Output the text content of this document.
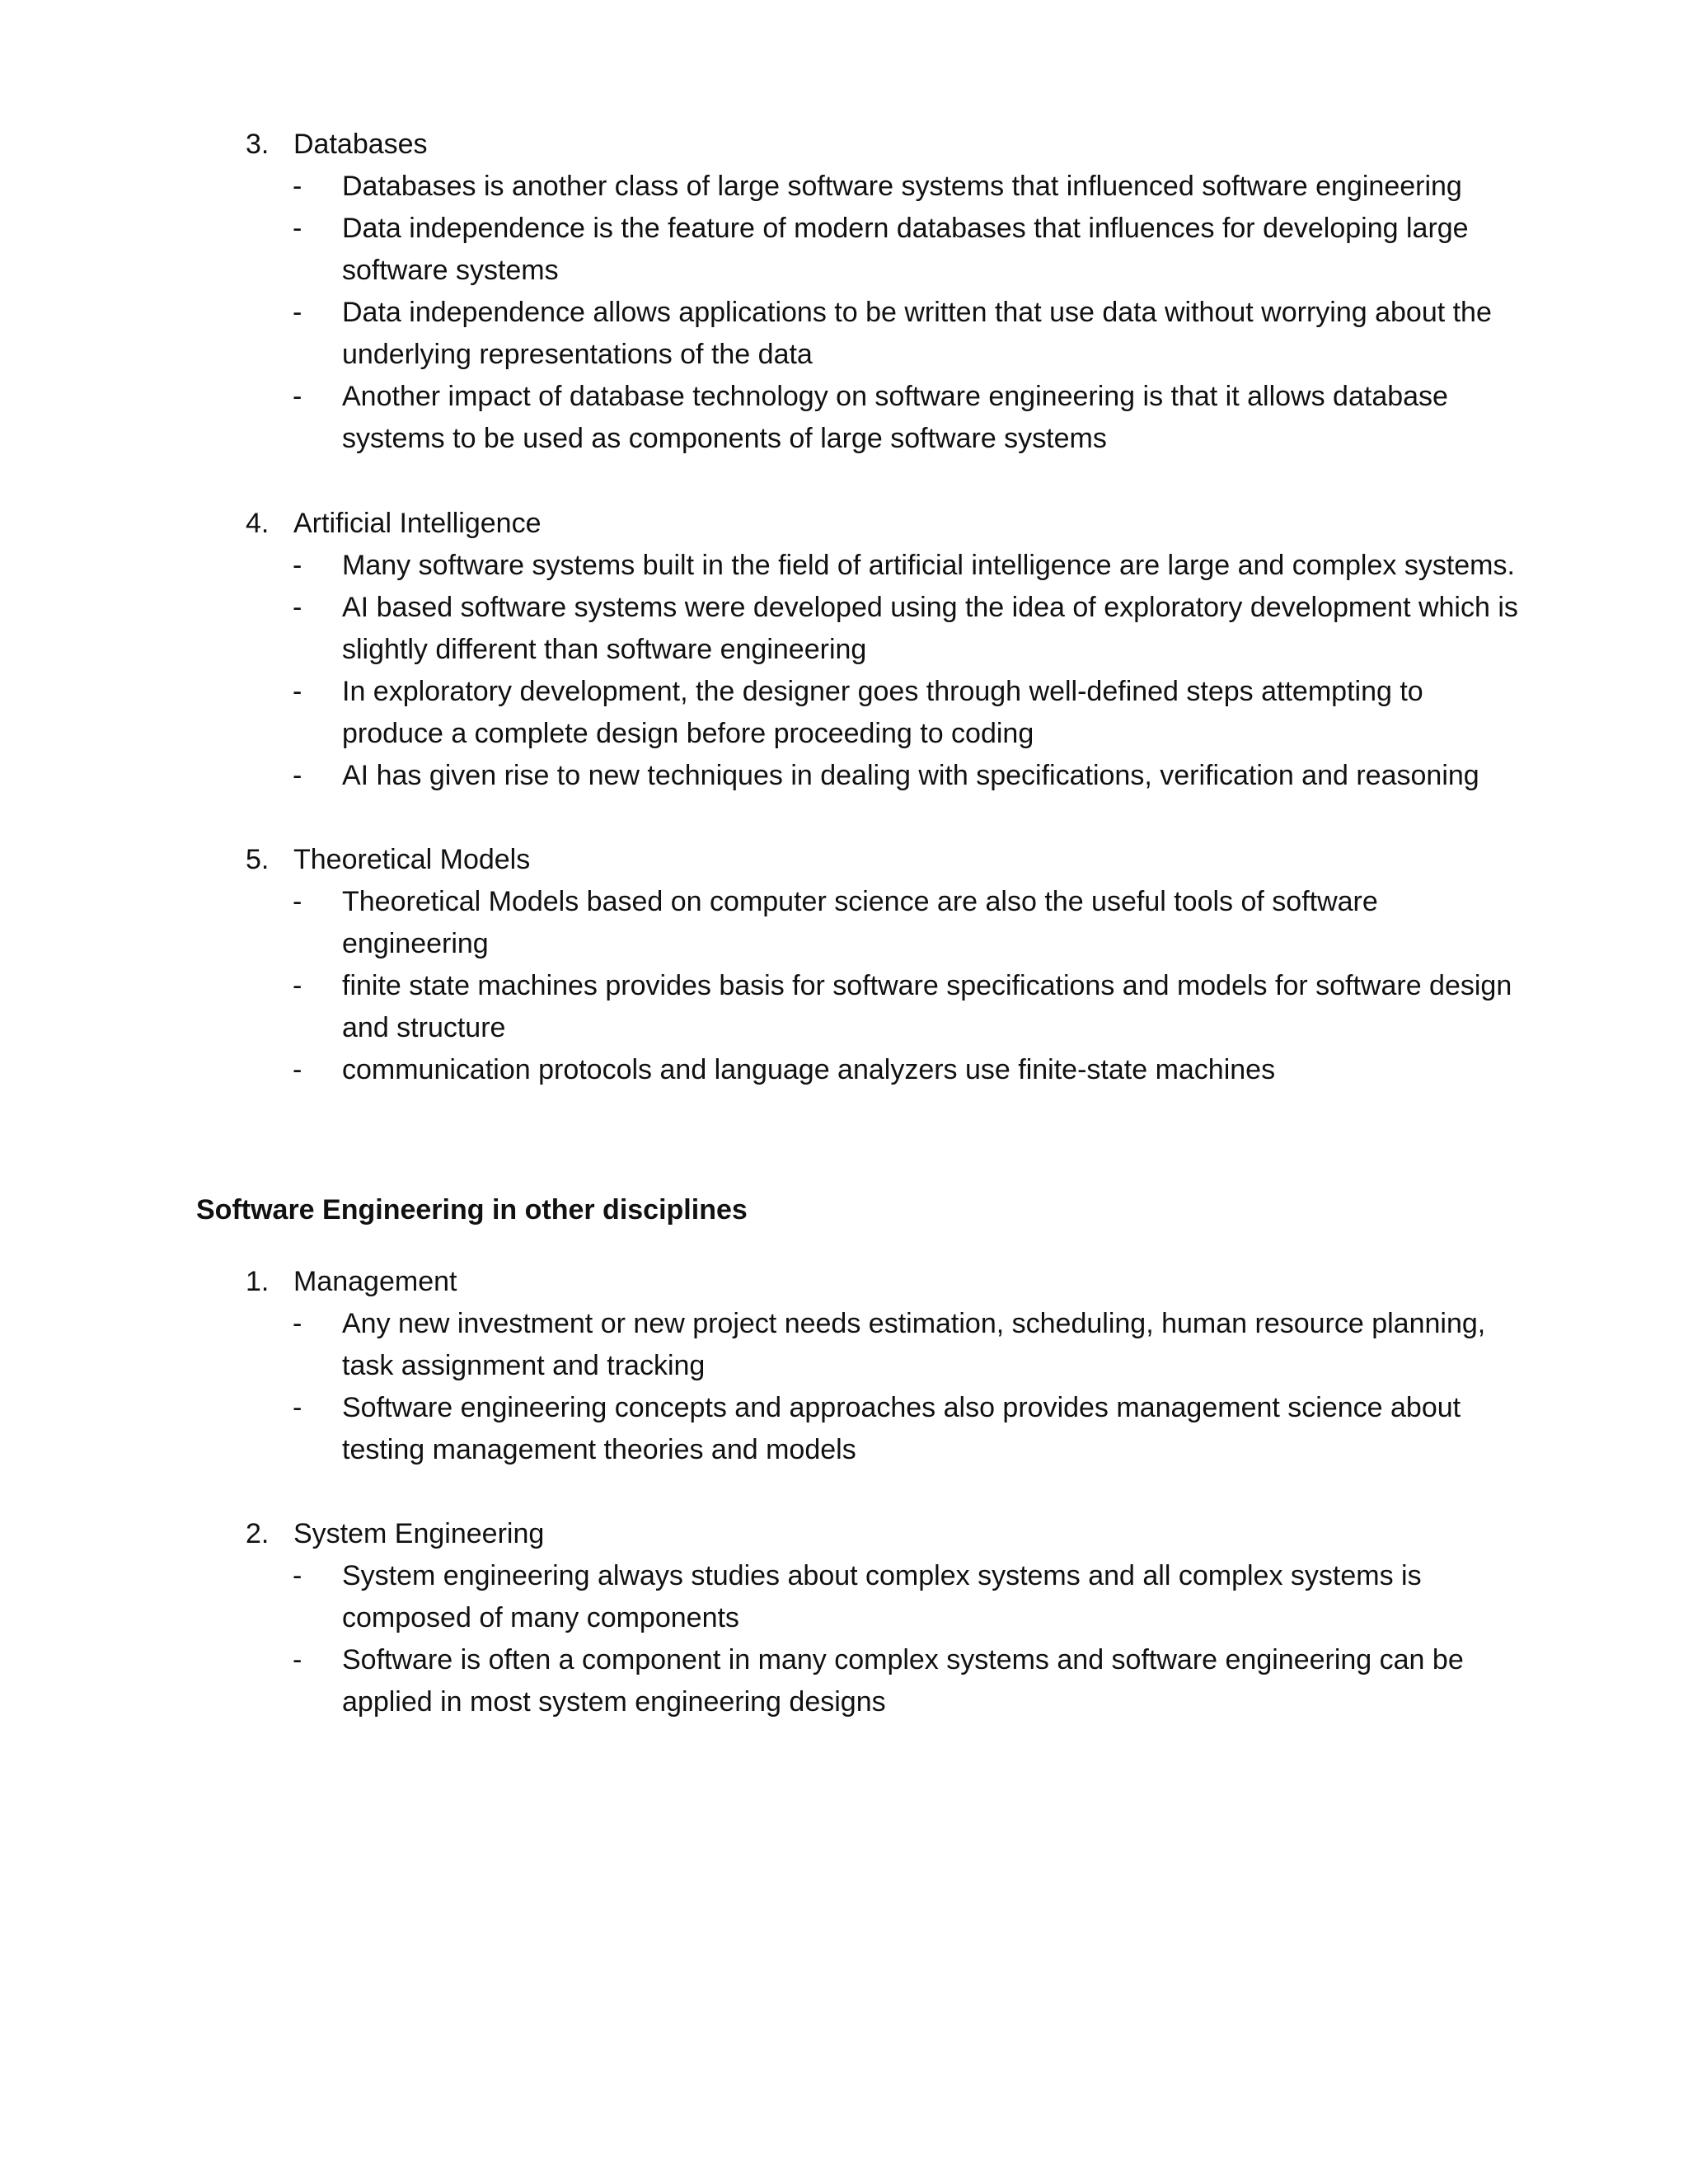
3. Databases
- Databases is another class of large software systems that influenced software engineering
- Data independence is the feature of modern databases that influences for developing large software systems
- Data independence allows applications to be written that use data without worrying about the underlying representations of the data
- Another impact of database technology on software engineering is that it allows database systems to be used as components of large software systems
4. Artificial Intelligence
- Many software systems built in the field of artificial intelligence are large and complex systems.
- AI based software systems were developed using the idea of exploratory development which is slightly different than software engineering
- In exploratory development, the designer goes through well-defined steps attempting to produce a complete design before proceeding to coding
- AI has given rise to new techniques in dealing with specifications, verification and reasoning
5. Theoretical Models
- Theoretical Models based on computer science are also the useful tools of software engineering
- finite state machines provides basis for software specifications and models for software design and structure
- communication protocols and language analyzers use finite-state machines
Software Engineering in other disciplines
1. Management
- Any new investment or new project needs estimation, scheduling, human resource planning, task assignment and tracking
- Software engineering concepts and approaches also provides management science about testing management theories and models
2. System Engineering
- System engineering always studies about complex systems and all complex systems is composed of many components
- Software is often a component in many complex systems and software engineering can be applied in most system engineering designs
